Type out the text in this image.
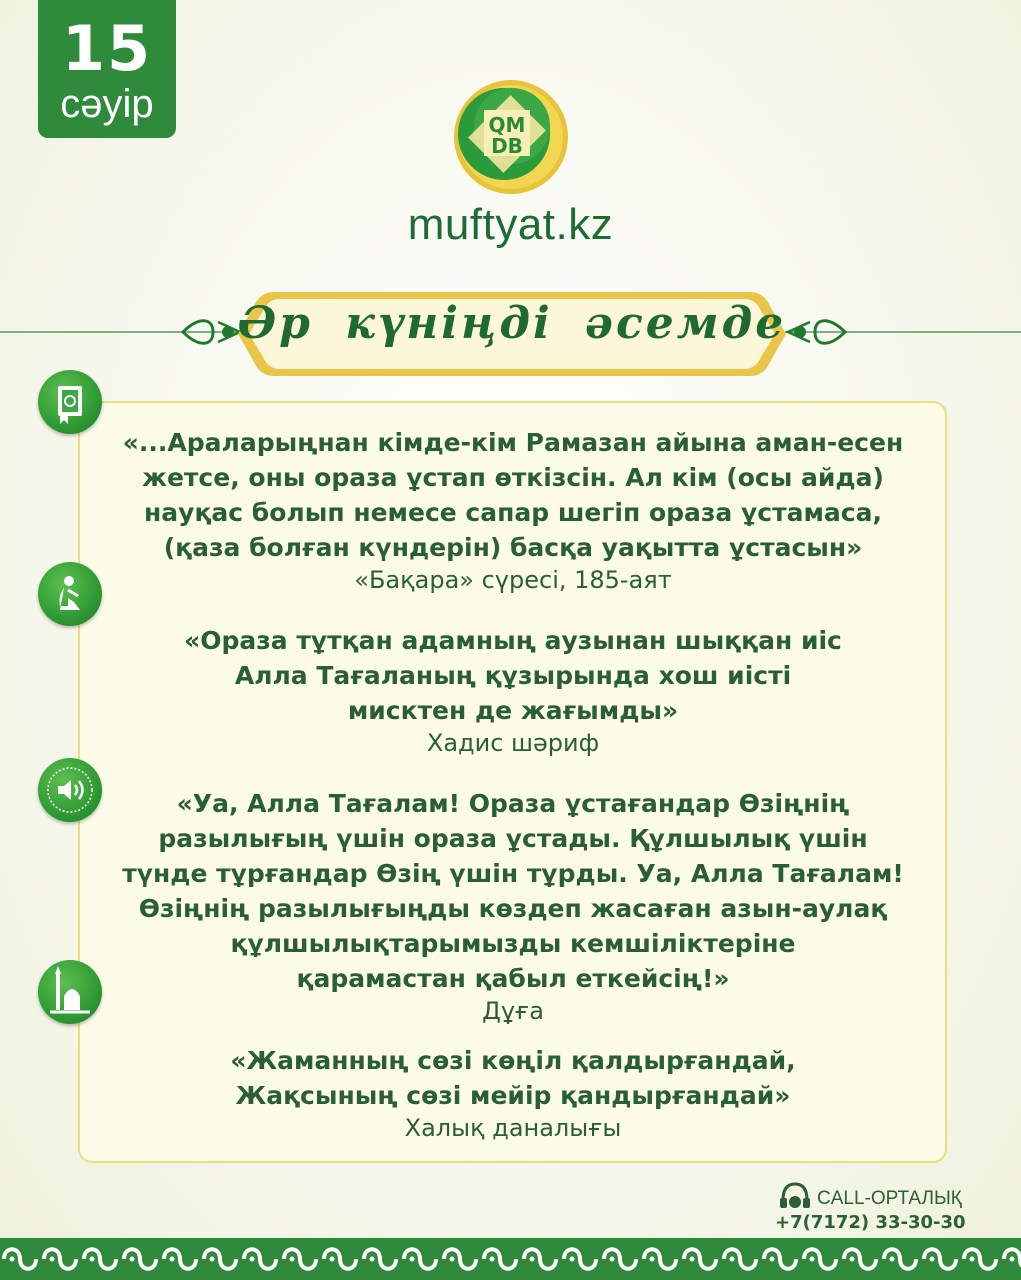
15
сәуір	QM
DB
muftyat.kz
Әр күніңді әсемде
«...Араларыңнан кімде-кім Рамазан айына аман-есен
жетсе, оны ораза ұстап өткізсін. Ал кім (осы айда)
науқас болып немесе сапар шегіп ораза ұстамаса,
(қаза болған күндерін) басқа уақытта ұстасын»
«Бақара» сүресі, 185-аят
«Ораза тұтқан адамның аузынан шыққан иіс
Алла Тағаланың құзырында хош иісті
мисктен де жағымды»
Хадис шәриф
«Уа, Алла Тағалам! Ораза ұстағандар Өзіңнің
разылығың үшін ораза ұстады. Құлшылық үшін
түнде тұрғандар Өзің үшін тұрды. Уа, Алла Тағалам!
Өзіңнің разылығыңды көздеп жасаған азын-аулақ
құлшылықтарымызды кемшіліктеріне
қарамастан қабыл еткейсің!»
Дұға
«Жаманның сөзі көңіл қалдырғандай,
Жақсының сөзі мейір қандырғандай»
Халық даналығы
CALL-ОРТАЛЫҚ
+7(7172) 33-30-30
